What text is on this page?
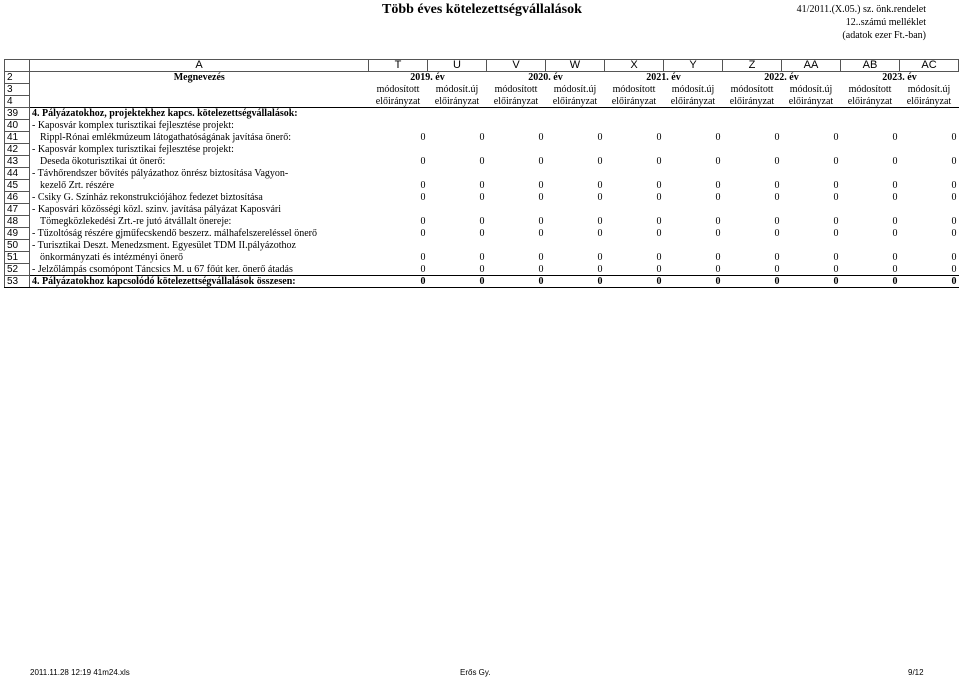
Több éves kötelezettségvállalások	41/2011.(X.05.) sz. önk.rendelet
12..számú melléklet
(adatok ezer Ft.-ban)
	A	T	U	V	W	X	Y	Z	AA	AB	AC
2	Megnevezés	2019. év		2020. év		2021. év		2022. év		2023. év	
3		módosított	módosít.új	módosított	módosít.új	módosított	módosít.új	módosított	módosít.új	módosított	módosít.új
4		előirányzat	előirányzat	előirányzat	előirányzat	előirányzat	előirányzat	előirányzat	előirányzat	előirányzat	előirányzat
39	4. Pályázatokhoz, projektekhez kapcs. kötelezettségvállalások:										
40	- Kaposvár komplex turisztikai fejlesztése projekt:										
41	Rippl-Rónai emlékmúzeum látogathatóságának javítása önerő:	0	0	0	0	0	0	0	0	0	0
42	- Kaposvár komplex turisztikai fejlesztése projekt:										
43	Deseda ökoturisztikai út önerő:	0	0	0	0	0	0	0	0	0	0
44	- Távhőrendszer bővítés pályázathoz önrész biztosítása Vagyon-										
45	kezelő Zrt. részére	0	0	0	0	0	0	0	0	0	0
46	- Csiky G. Színház rekonstrukciójához fedezet biztosítása	0	0	0	0	0	0	0	0	0	0
47	- Kaposvári közösségi közl. szinv. javítása pályázat Kaposvári										
48	Tömegközlekedési Zrt.-re jutó átvállalt önereje:	0	0	0	0	0	0	0	0	0	0
49	- Tűzoltóság részére gjműfecskendő beszerz. málhafelszereléssel önerő	0	0	0	0	0	0	0	0	0	0
50	- Turisztikai Deszt. Menedzsment. Egyesület TDM II.pályázothoz										
51	önkormányzati és intézményi önerő	0	0	0	0	0	0	0	0	0	0
52	- Jelzőlámpás csomópont Táncsics M. u 67 főút ker. önerő átadás	0	0	0	0	0	0	0	0	0	0
53	4. Pályázatokhoz kapcsolódó kötelezettségvállalások összesen:	0	0	0	0	0	0	0	0	0	0
2011.11.28 12:19 41m24.xls	Erős Gy.	9/12
